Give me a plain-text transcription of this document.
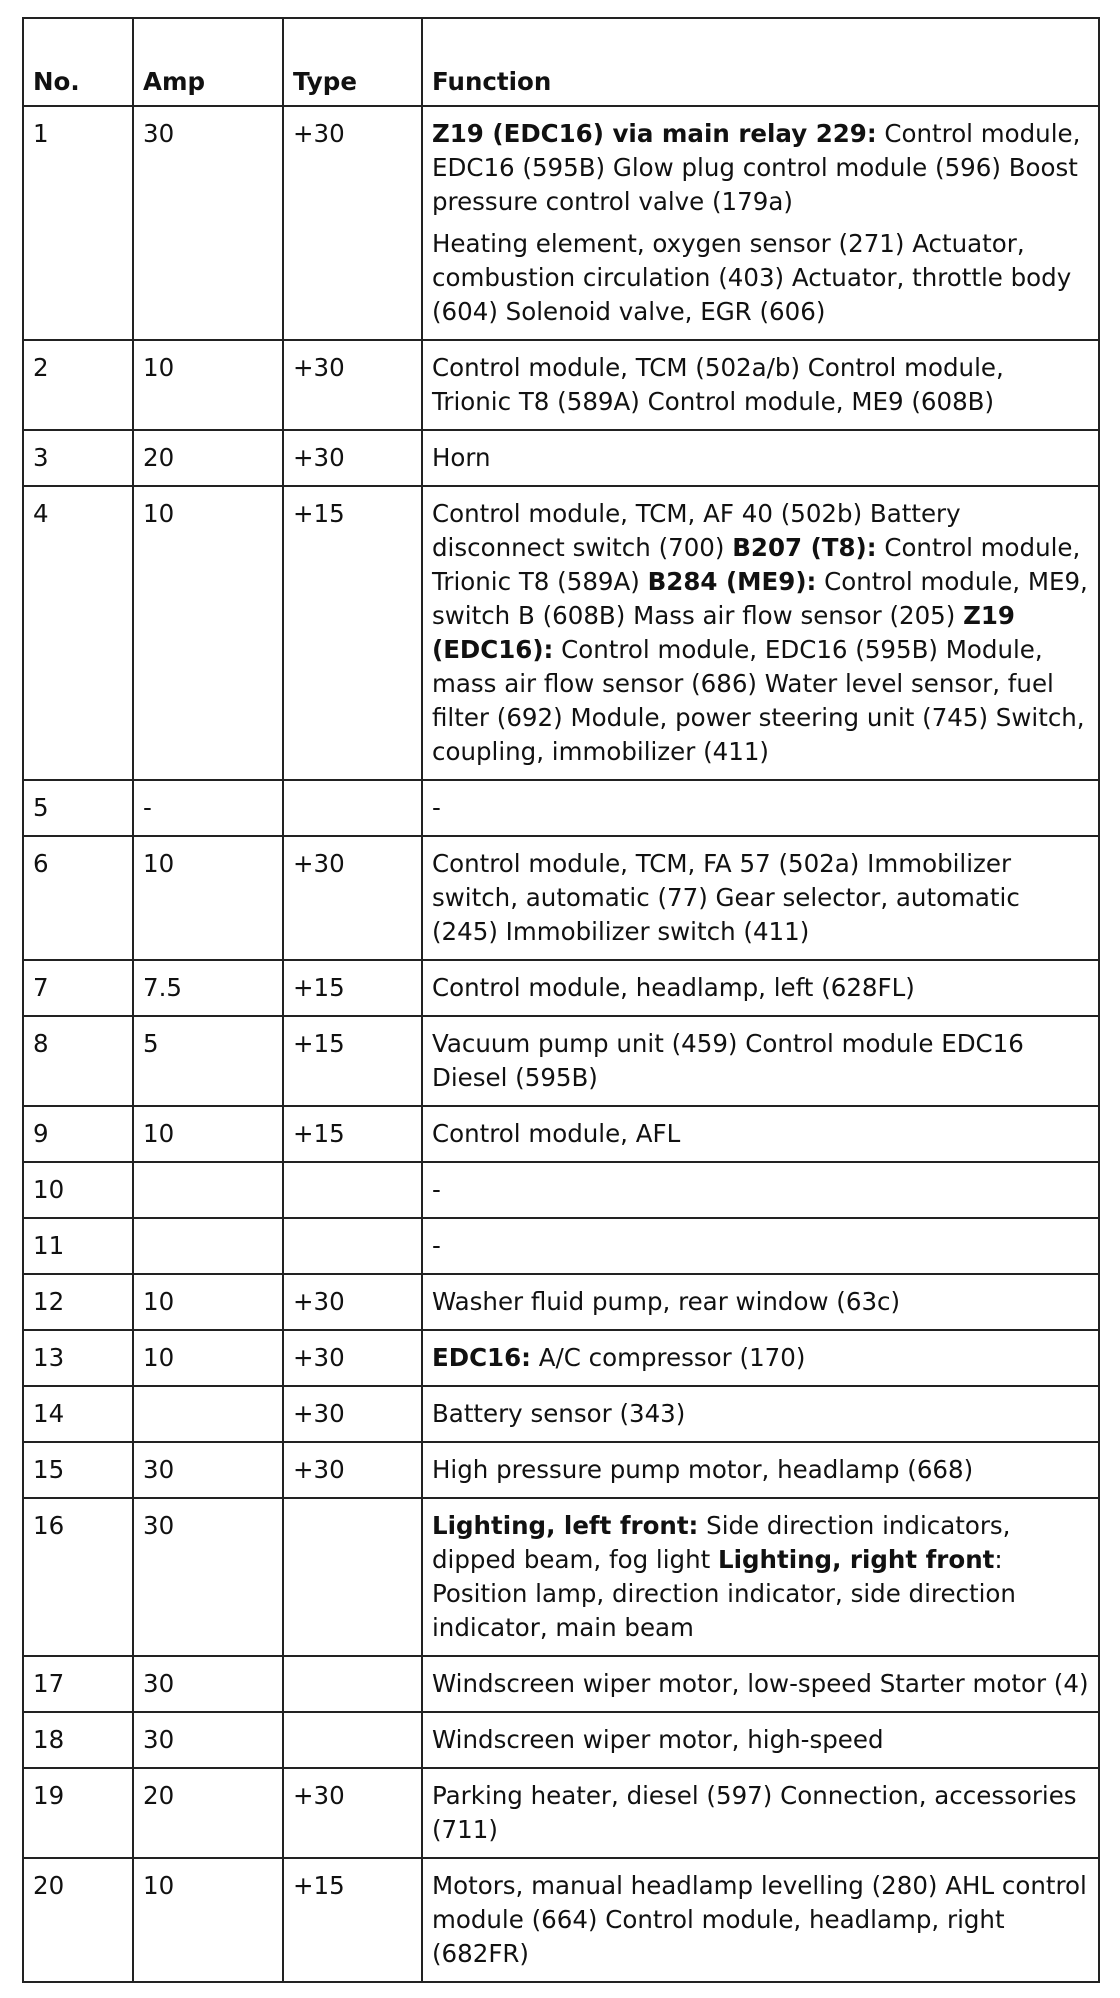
No.	Amp	Type	Function
1	30	+30	Z19 (EDC16) via main relay 229: Control module, EDC16 (595B) Glow plug control module (596) Boost pressure control valve (179a)
Heating element, oxygen sensor (271) Actuator, combustion circulation (403) Actuator, throttle body (604) Solenoid valve, EGR (606)

2	10	+30	Control module, TCM (502a/b) Control module, Trionic T8 (589A) Control module, ME9 (608B)

3	20	+30	Horn

4	10	+15	Control module, TCM, AF 40 (502b) Battery disconnect switch (700) B207 (T8): Control module, Trionic T8 (589A) B284 (ME9): Control module, ME9, switch B (608B) Mass air flow sensor (205) Z19 (EDC16): Control module, EDC16 (595B) Module, mass air flow sensor (686) Water level sensor, fuel filter (692) Module, power steering unit (745) Switch, coupling, immobilizer (411)

5	-		-

6	10	+30	Control module, TCM, FA 57 (502a) Immobilizer switch, automatic (77) Gear selector, automatic (245) Immobilizer switch (411)

7	7.5	+15	Control module, headlamp, left (628FL)

8	5	+15	Vacuum pump unit (459) Control module EDC16 Diesel (595B)

9	10	+15	Control module, AFL

10			-

11			-

12	10	+30	Washer fluid pump, rear window (63c)

13	10	+30	EDC16: A/C compressor (170)

14		+30	Battery sensor (343)

15	30	+30	High pressure pump motor, headlamp (668)

16	30		Lighting, left front: Side direction indicators, dipped beam, fog light Lighting, right front: Position lamp, direction indicator, side direction indicator, main beam

17	30		Windscreen wiper motor, low-speed Starter motor (4)

18	30		Windscreen wiper motor, high-speed

19	20	+30	Parking heater, diesel (597) Connection, accessories (711)

20	10	+15	Motors, manual headlamp levelling (280) AHL control module (664) Control module, headlamp, right (682FR)
